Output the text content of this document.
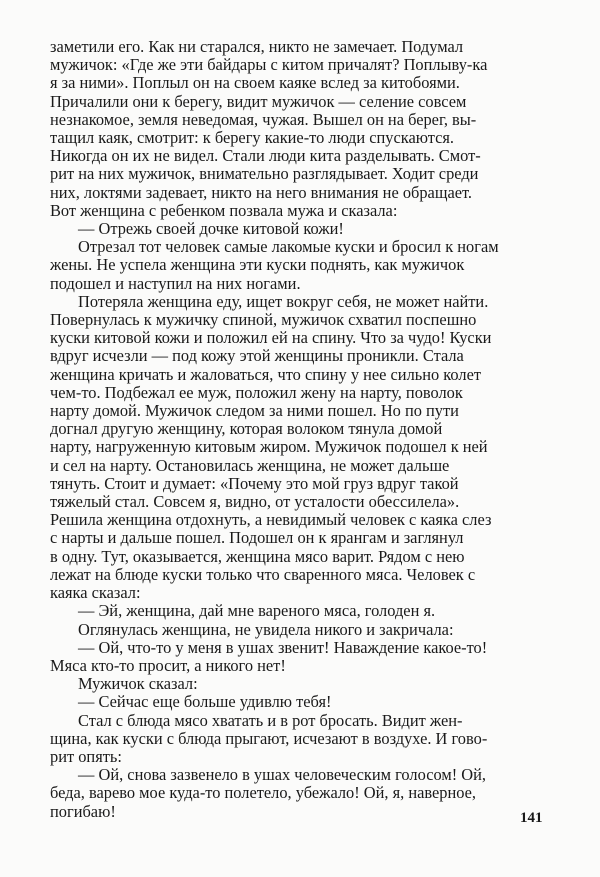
заметили его. Как ни старался, никто не замечает. Подумал
мужичок: «Где же эти байдары с китом причалят? Поплыву-ка
я за ними». Поплыл он на своем каяке вслед за китобоями.
Причалили они к берегу, видит мужичок — селение совсем
незнакомое, земля неведомая, чужая. Вышел он на берег, вы-
тащил каяк, смотрит: к берегу какие-то люди спускаются.
Никогда он их не видел. Стали люди кита разделывать. Смот-
рит на них мужичок, внимательно разглядывает. Ходит среди
них, локтями задевает, никто на него внимания не обращает.
Вот женщина с ребенком позвала мужа и сказала:
— Отрежь своей дочке китовой кожи!
Отрезал тот человек самые лакомые куски и бросил к ногам
жены. Не успела женщина эти куски поднять, как мужичок
подошел и наступил на них ногами.
Потеряла женщина еду, ищет вокруг себя, не может найти.
Повернулась к мужичку спиной, мужичок схватил поспешно
куски китовой кожи и положил ей на спину. Что за чудо! Куски
вдруг исчезли — под кожу этой женщины проникли. Стала
женщина кричать и жаловаться, что спину у нее сильно колет
чем-то. Подбежал ее муж, положил жену на нарту, поволок
нарту домой. Мужичок следом за ними пошел. Но по пути
догнал другую женщину, которая волоком тянула домой
нарту, нагруженную китовым жиром. Мужичок подошел к ней
и сел на нарту. Остановилась женщина, не может дальше
тянуть. Стоит и думает: «Почему это мой груз вдруг такой
тяжелый стал. Совсем я, видно, от усталости обессилела».
Решила женщина отдохнуть, а невидимый человек с каяка слез
с нарты и дальше пошел. Подошел он к ярангам и заглянул
в одну. Тут, оказывается, женщина мясо варит. Рядом с нею
лежат на блюде куски только что сваренного мяса. Человек с
каяка сказал:
— Эй, женщина, дай мне вареного мяса, голоден я.
Оглянулась женщина, не увидела никого и закричала:
— Ой, что-то у меня в ушах звенит! Наваждение какое-то!
Мяса кто-то просит, а никого нет!
Мужичок сказал:
— Сейчас еще больше удивлю тебя!
Стал с блюда мясо хватать и в рот бросать. Видит жен-
щина, как куски с блюда прыгают, исчезают в воздухе. И гово-
рит опять:
— Ой, снова зазвенело в ушах человеческим голосом! Ой,
беда, варево мое куда-то полетело, убежало! Ой, я, наверное,
погибаю!	141
